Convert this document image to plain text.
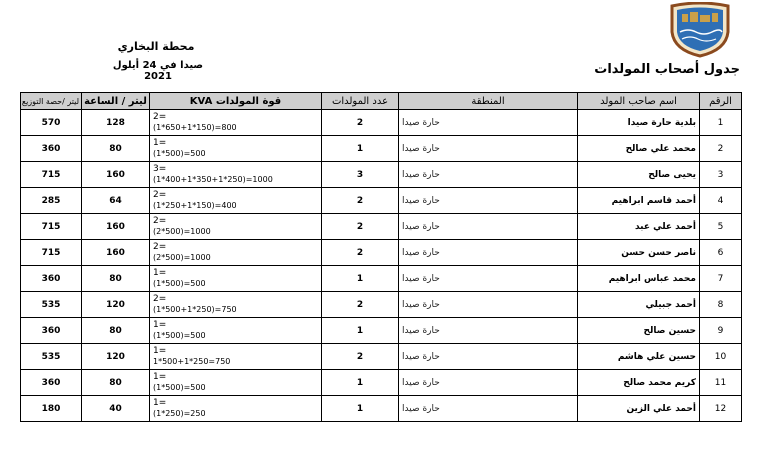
محطة البخاري
صيدا في 24 أيلول 2021	جدول أصحاب المولدات
الرقم	اسم صاحب المولد	المنطقة	عدد المولدات	قوة المولدات KVA	ليتر / الساعة	ليتر /حصة التوزيع
1	بلدية حارة صيدا	حارة صيدا	2	2=
(1*650+1*150)=800	128	570
2	محمد علي صالح	حارة صيدا	1	1=
(1*500)=500	80	360
3	يحيى صالح	حارة صيدا	3	3=
(1*400+1*350+1*250)=1000	160	715
4	أحمد قاسم ابراهيم	حارة صيدا	2	2=
(1*250+1*150)=400	64	285
5	أحمد علي عبد	حارة صيدا	2	2=
(2*500)=1000	160	715
6	ناصر حسن حسن	حارة صيدا	2	2=
(2*500)=1000	160	715
7	محمد عباس ابراهيم	حارة صيدا	1	1=
(1*500)=500	80	360
8	أحمد جبيلي	حارة صيدا	2	2=
(1*500+1*250)=750	120	535
9	حسين صالح	حارة صيدا	1	1=
(1*500)=500	80	360
10	حسين علي هاشم	حارة صيدا	2	1=
1*500+1*250=750	120	535
11	كريم محمد صالح	حارة صيدا	1	1=
(1*500)=500	80	360
12	أحمد علي الزين	حارة صيدا	1	1=
(1*250)=250	40	180
